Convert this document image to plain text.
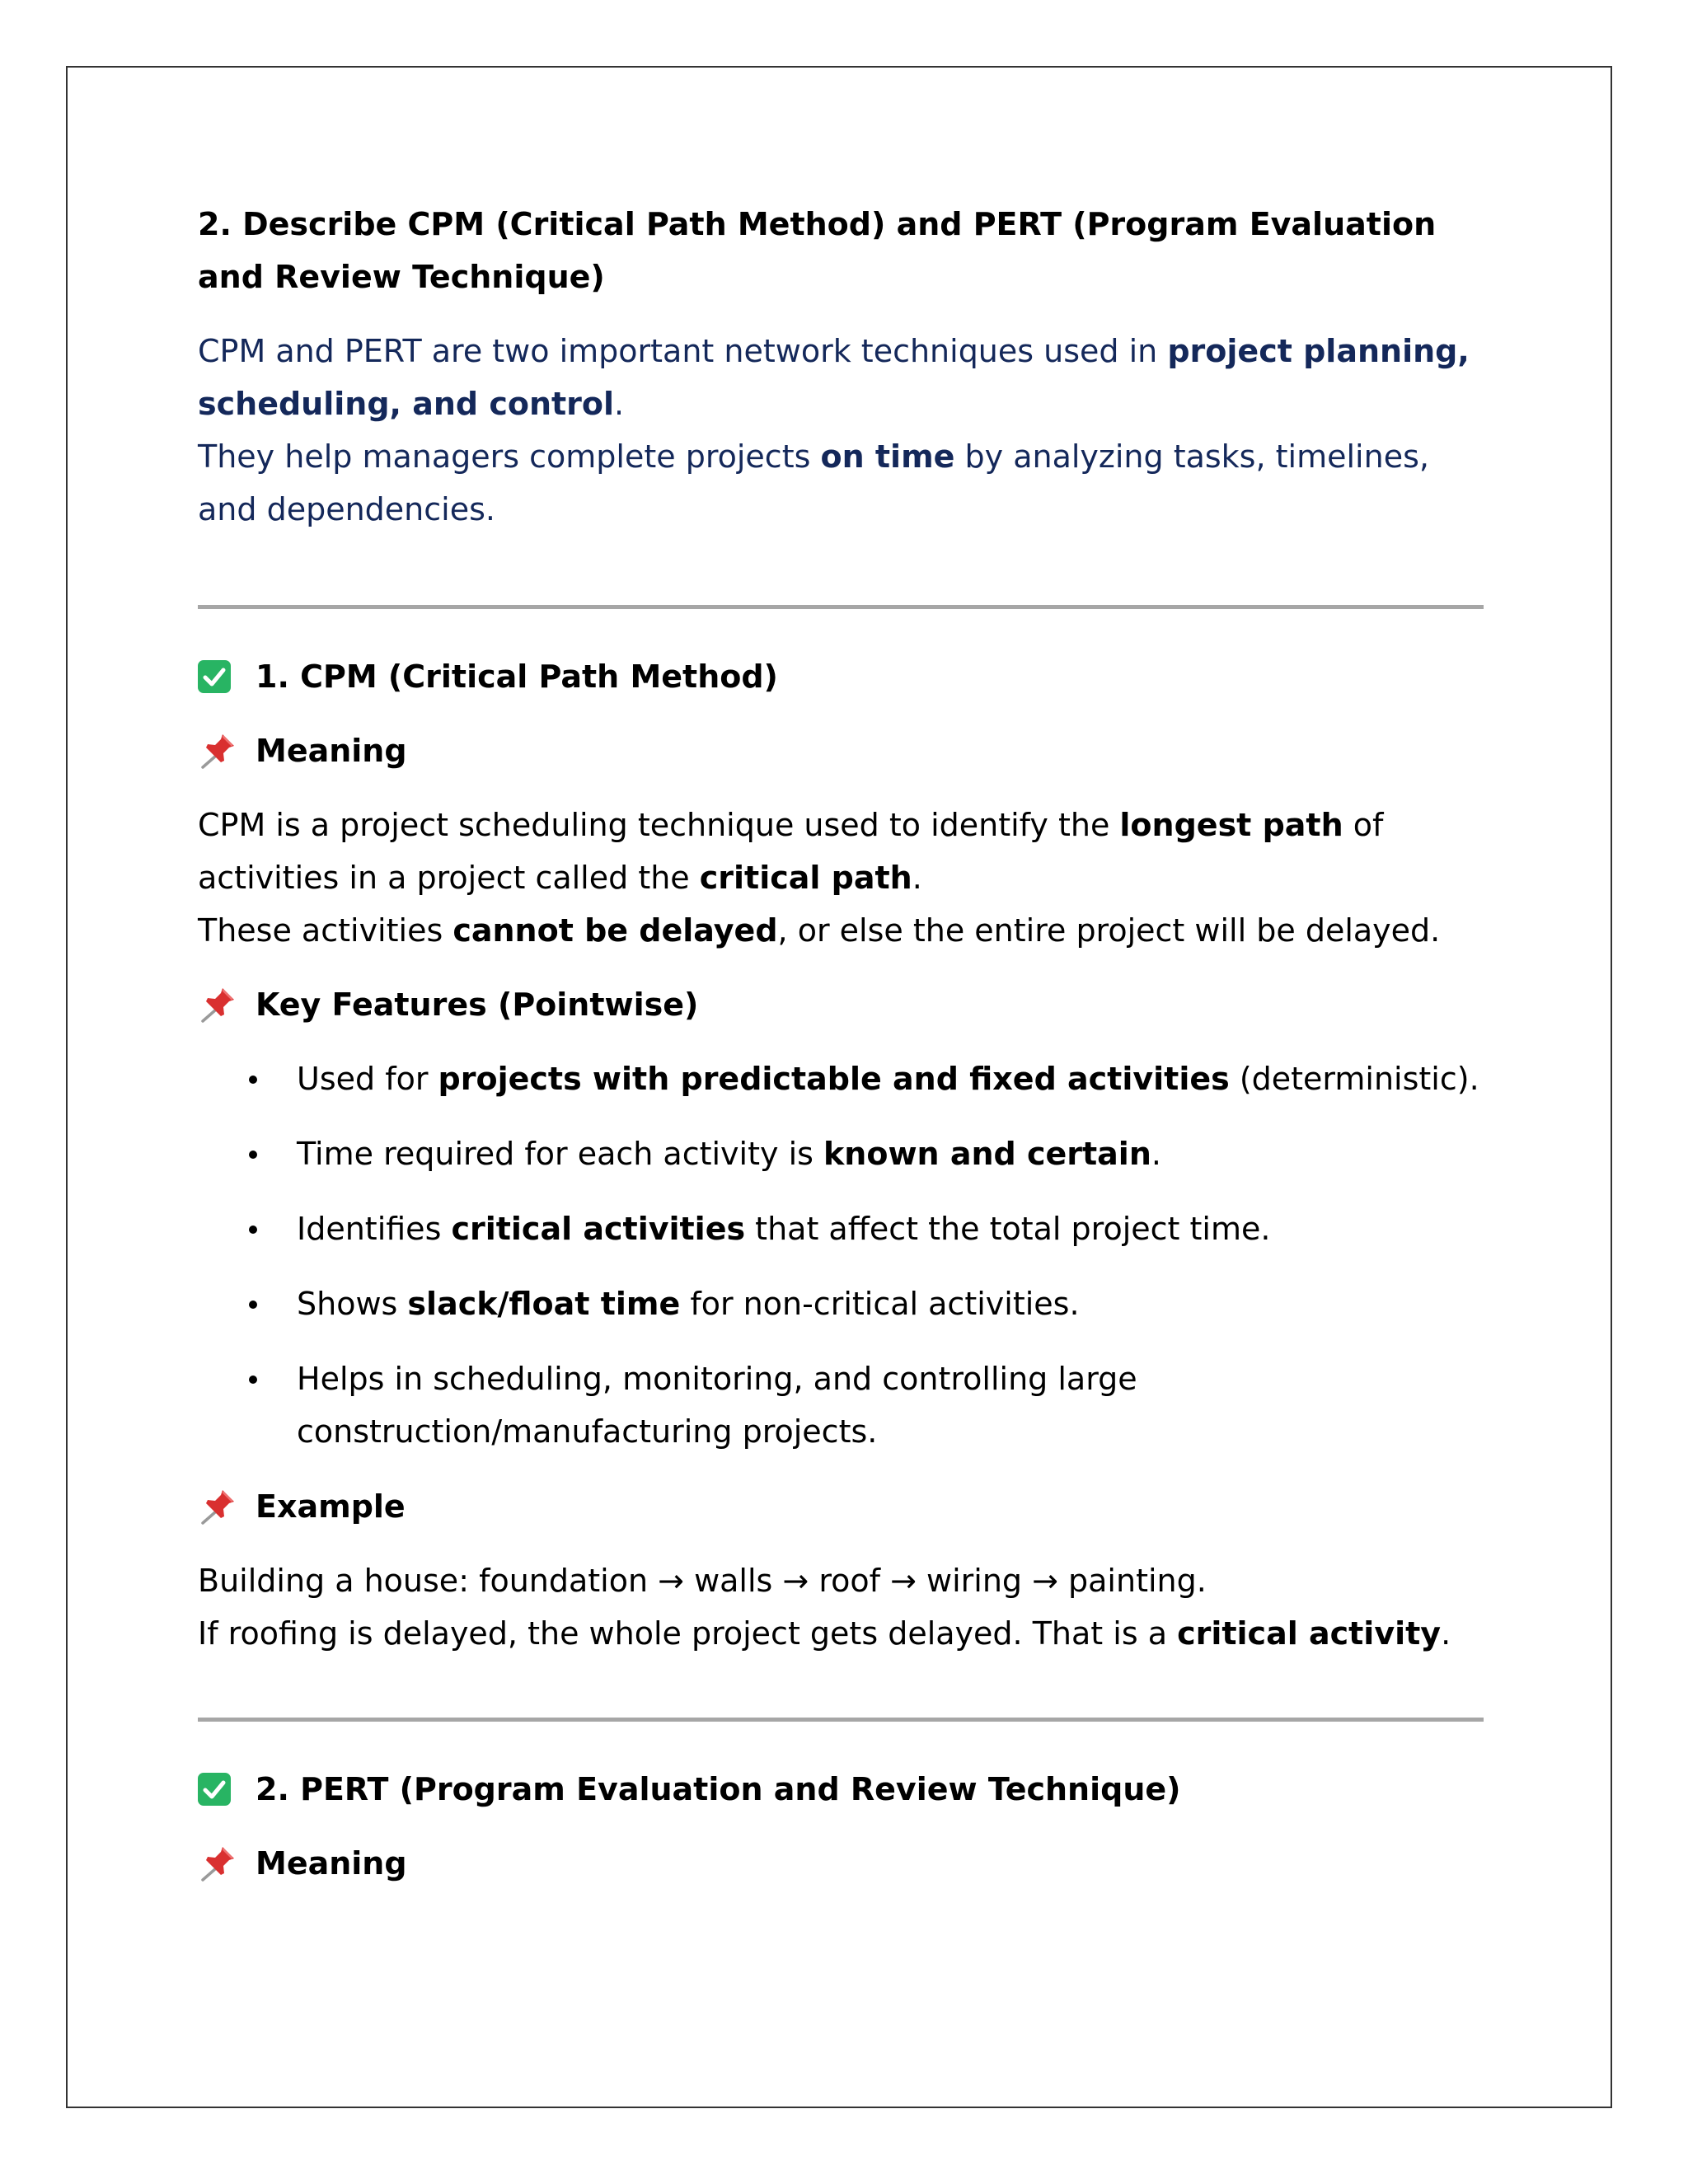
2. Describe CPM (Critical Path Method) and PERT (Program Evaluation and Review Technique)

CPM and PERT are two important network techniques used in project planning, scheduling, and control.
They help managers complete projects on time by analyzing tasks, timelines, and dependencies.

1. CPM (Critical Path Method)
Meaning

CPM is a project scheduling technique used to identify the longest path of activities in a project called the critical path.
These activities cannot be delayed, or else the entire project will be delayed.

Key Features (Pointwise)
Used for projects with predictable and fixed activities (deterministic).
Time required for each activity is known and certain.
Identifies critical activities that affect the total project time.
Shows slack/float time for non-critical activities.
Helps in scheduling, monitoring, and controlling large construction/manufacturing projects.
Example

Building a house: foundation → walls → roof → wiring → painting.
If roofing is delayed, the whole project gets delayed. That is a critical activity.

2. PERT (Program Evaluation and Review Technique)
Meaning
